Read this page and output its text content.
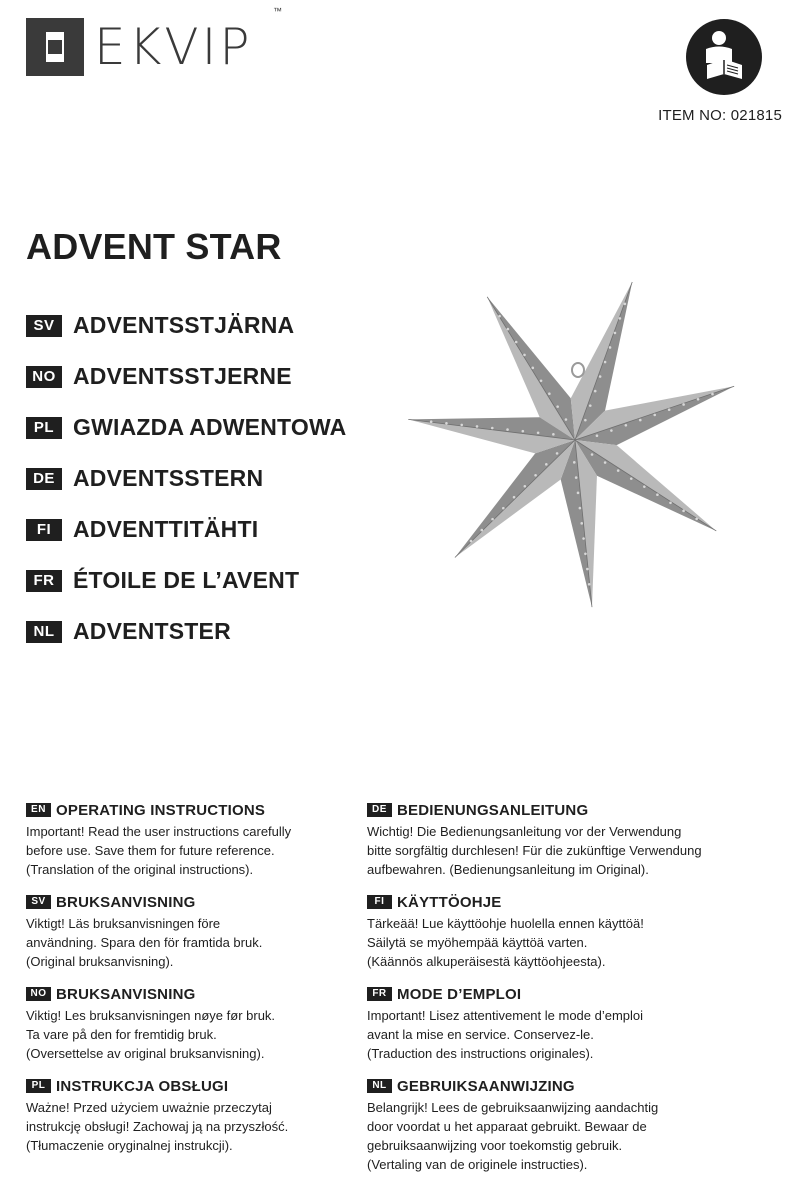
EKVIP
™
ITEM NO: 021815
ADVENT STAR
SV ADVENTSSTJÄRNA
NO ADVENTSSTJERNE
PL GWIAZDA ADWENTOWA
DE ADVENTSSTERN
FI ADVENTTITÄHTI
FR ÉTOILE DE L’AVENT
NL ADVENTSTER
EN OPERATING INSTRUCTIONS

Important! Read the user instructions carefully

before use. Save them for future reference.

(Translation of the original instructions).

SV BRUKSANVISNING

Viktigt! Läs bruksanvisningen före

användning. Spara den för framtida bruk.

(Original bruksanvisning).

NO BRUKSANVISNING

Viktig! Les bruksanvisningen nøye før bruk.

Ta vare på den for fremtidig bruk.

(Oversettelse av original bruksanvisning).

PL INSTRUKCJA OBSŁUGI

Ważne! Przed użyciem uważnie przeczytaj

instrukcję obsługi! Zachowaj ją na przyszłość.

(Tłumaczenie oryginalnej instrukcji).

DE BEDIENUNGSANLEITUNG

Wichtig! Die Bedienungsanleitung vor der Verwendung

bitte sorgfältig durchlesen! Für die zukünftige Verwendung

aufbewahren. (Bedienungsanleitung im Original).

FI KÄYTTÖOHJE

Tärkeää! Lue käyttöohje huolella ennen käyttöä!

Säilytä se myöhempää käyttöä varten.

(Käännös alkuperäisestä käyttöohjeesta).

FR MODE D’EMPLOI

Important! Lisez attentivement le mode d’emploi

avant la mise en service. Conservez-le.

(Traduction des instructions originales).

NL GEBRUIKSAANWIJZING

Belangrijk! Lees de gebruiksaanwijzing aandachtig

door voordat u het apparaat gebruikt. Bewaar de

gebruiksaanwijzing voor toekomstig gebruik.

(Vertaling van de originele instructies).
